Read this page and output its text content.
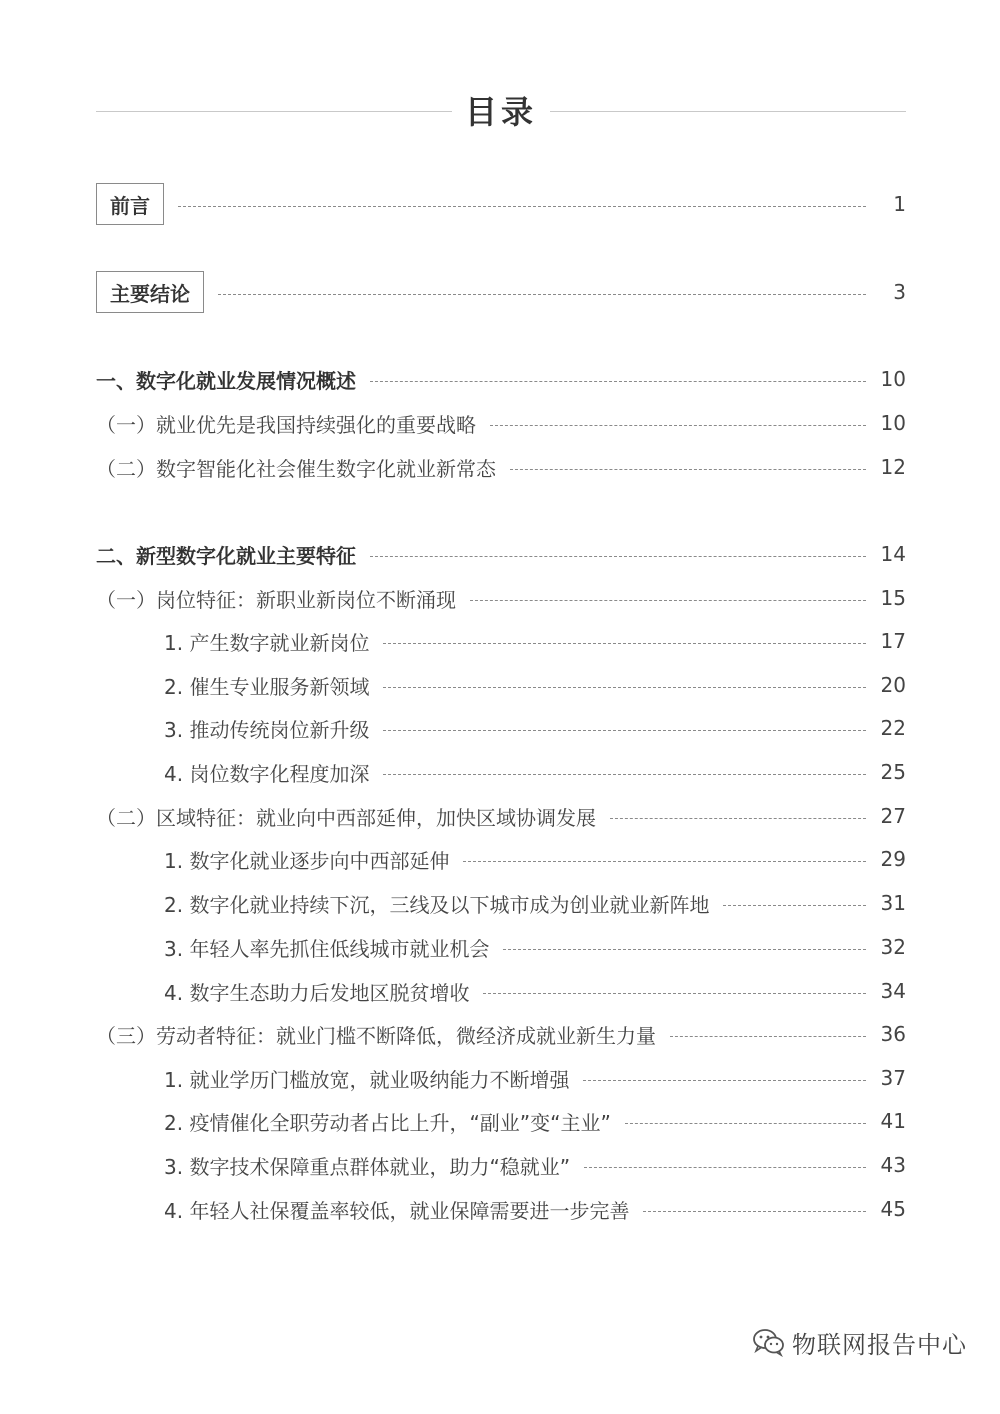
目录
前言	1
主要结论	3
一、数字化就业发展情况概述	10
（一）就业优先是我国持续强化的重要战略	10
（二）数字智能化社会催生数字化就业新常态	12
二、新型数字化就业主要特征	14
（一）岗位特征：新职业新岗位不断涌现	15
1. 产生数字就业新岗位	17
2. 催生专业服务新领域	20
3. 推动传统岗位新升级	22
4. 岗位数字化程度加深	25
（二）区域特征：就业向中西部延伸，加快区域协调发展	27
1. 数字化就业逐步向中西部延伸	29
2. 数字化就业持续下沉，三线及以下城市成为创业就业新阵地	31
3. 年轻人率先抓住低线城市就业机会	32
4. 数字生态助力后发地区脱贫增收	34
（三）劳动者特征：就业门槛不断降低，微经济成就业新生力量	36
1. 就业学历门槛放宽，就业吸纳能力不断增强	37
2. 疫情催化全职劳动者占比上升，“副业”变“主业”	41
3. 数字技术保障重点群体就业，助力“稳就业”	43
4. 年轻人社保覆盖率较低，就业保障需要进一步完善	45
物联网报告中心
